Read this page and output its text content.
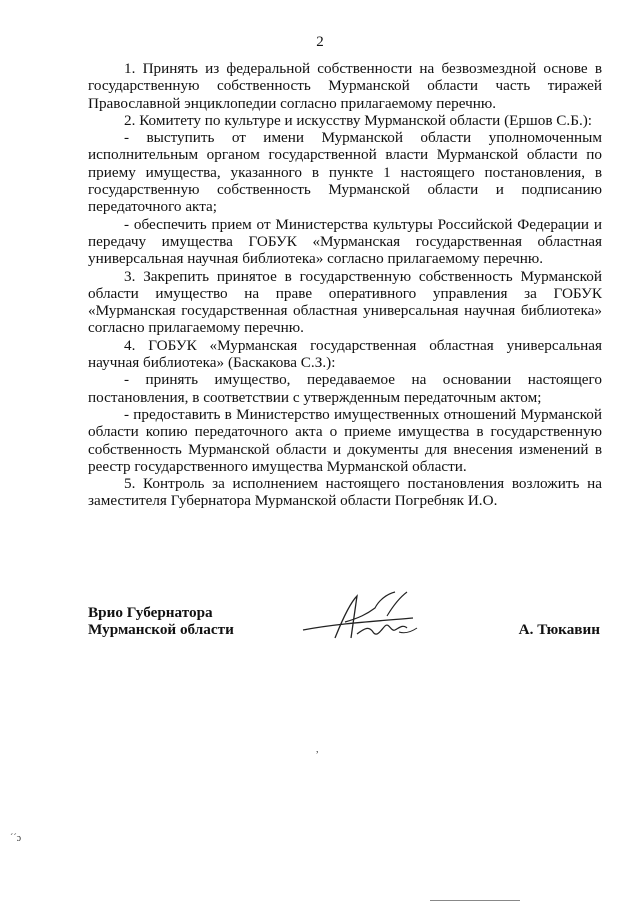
2

1. Принять из федеральной собственности на безвозмездной основе в государственную собственность Мурманской области часть тиражей Православной энциклопедии согласно прилагаемому перечню.

2. Комитету по культуре и искусству Мурманской области (Ершов С.Б.):

- выступить от имени Мурманской области уполномоченным исполнительным органом государственной власти Мурманской области по приему имущества, указанного в пункте 1 настоящего постановления, в государственную собственность Мурманской области и подписанию передаточного акта;

- обеспечить прием от Министерства культуры Российской Федерации и передачу имущества ГОБУК «Мурманская государственная областная универсальная научная библиотека» согласно прилагаемому перечню.

3. Закрепить принятое в государственную собственность Мурманской области имущество на праве оперативного управления за ГОБУК «Мурманская государственная областная универсальная научная библиотека» согласно прилагаемому перечню.

4. ГОБУК «Мурманская государственная областная универсальная научная библиотека» (Баскакова С.З.):

- принять имущество, передаваемое на основании настоящего постановления, в соответствии с утвержденным передаточным актом;

- предоставить в Министерство имущественных отношений Мурманской области копию передаточного акта о приеме имущества в государственную собственность Мурманской области и документы для внесения изменений в реестр государственного имущества Мурманской области.

5. Контроль за исполнением настоящего постановления возложить на заместителя Губернатора Мурманской области Погребняк И.О.

Врио Губернатора
Мурманской области	А. Тюкавин
,
´´ɔ
